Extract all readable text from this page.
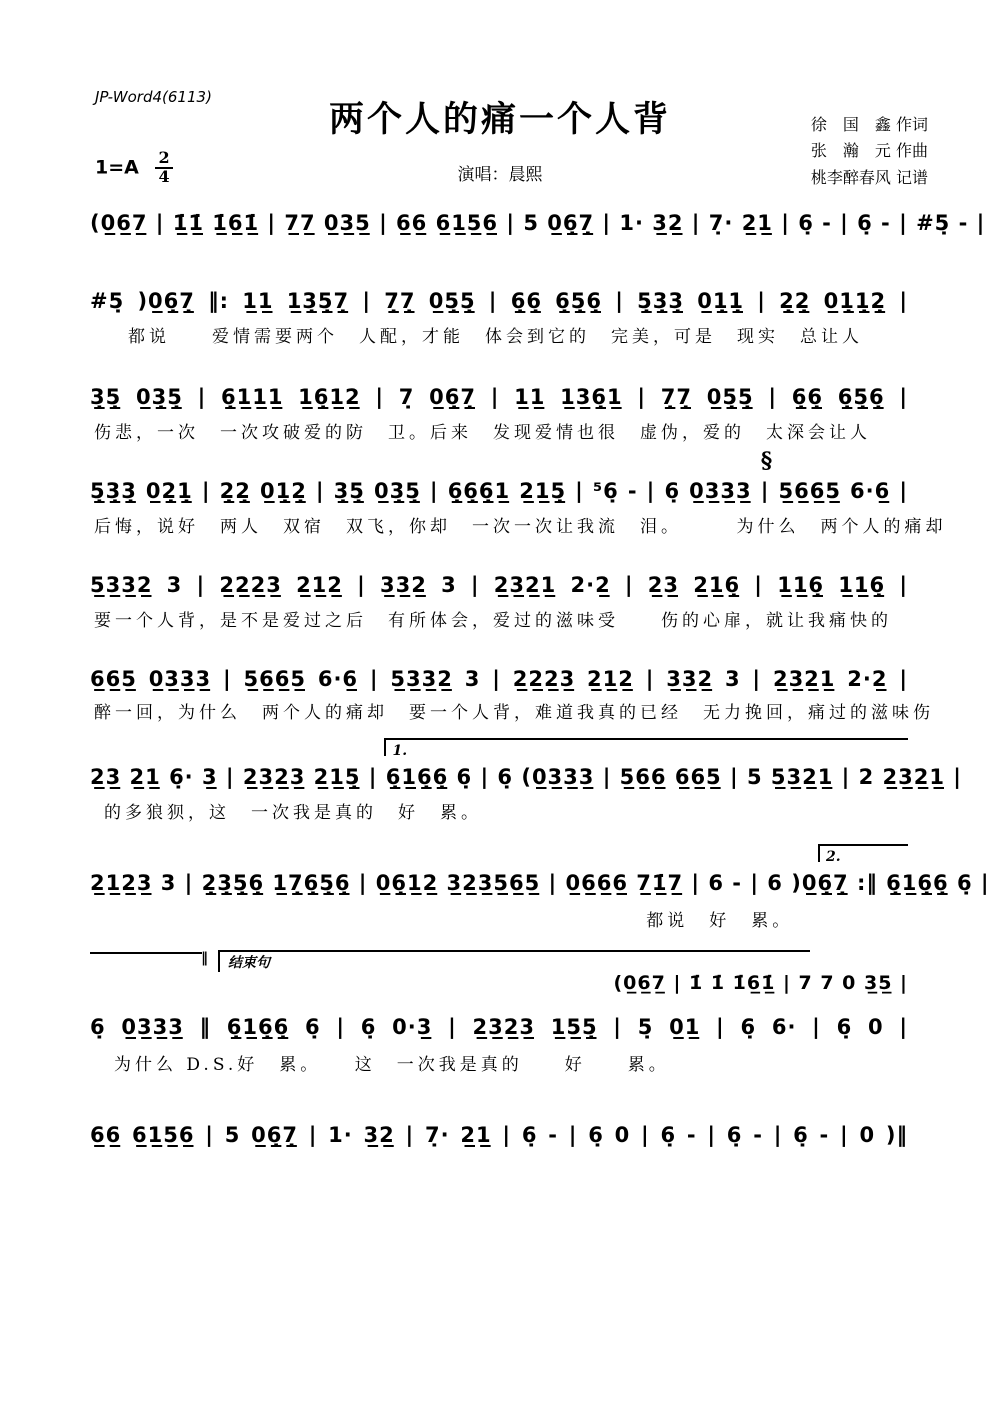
JP-Word4(6113)
两个人的痛一个人背	徐　国　鑫 作词
张　瀚　元 作曲
桃李醉春风 记谱
演唱：晨熙
$1=A \frac{2}{4}$
(0̲6̲7̲ | 1̲̇1̲̇ 1̲̇6̲1̲̇ | 7̲7̲ 0̲3̲5̲ | 6̲6̲ 6̲1̲5̲6̲ | 5 0̲6̲̣7̲̣ | 1· 3̲2̲ | 7̣· 2̲1̲ | 6̣ - | 6̣ - | #5̣ - |
#5̣ )0̲6̲̣7̲̣ ‖: 1̲1̲ 1̲3̲̣5̲̣7̲̣ | 7̲̣7̲̣ 0̲5̲̣5̲̣ | 6̲̣6̲̣ 6̲̣5̲̣6̲̣ | 5̲̣3̲̣3̲̣ 0̲1̲̣1̲̣ | 2̲̣2̲̣ 0̲1̲̣1̲̣2̲̣ |
都说　　爱情需要两个　人配，才能　体会到它的　完美，可是　现实　总让人
3̲̣5̲̣ 0̲3̲̣5̲̣ | 6̲̣1̲1̲1̲ 1̲6̲̣1̲2̲ | 7̣ 0̲6̲̣7̲̣ | 1̲1̲ 1̲3̲6̲̣1̲ | 7̲̣7̲̣ 0̲5̲̣5̲̣ | 6̲̣6̲̣ 6̲̣5̲̣6̲̣ |
伤悲，一次　一次攻破爱的防　卫。后来　发现爱情也很　虚伪，爱的　太深会让人
§
5̲̣3̲̣3̲̣ 0̲2̲̣1̲̣ | 2̲̣2̲̣ 0̲1̲̣2̲̣ | 3̲̣5̲̣ 0̲3̲̣5̲̣ | 6̲̣6̲̣6̲̣1̲ 2̲1̲5̲̣ | ⁵6̣ - | 6̣ 0̲3̲3̲3̲ | 5̲6̲6̲5̲ 6·6̲ |
后悔，说好　两人　双宿　双飞，你却　一次一次让我流　泪。　　　为什么　两个人的痛却
5̲3̲3̲2̲ 3 | 2̲2̲2̲3̲ 2̲1̲2̲ | 3̲3̲2̲ 3 | 2̲3̲2̲1̲ 2·2̲ | 2̲3̲ 2̲1̲6̲̣ | 1̲1̲6̲̣ 1̲1̲6̲̣ |
要一个人背，是不是爱过之后　有所体会，爱过的滋味受　　伤的心扉，就让我痛快的
6̲6̲5̲ 0̲3̲3̲3̲ | 5̲6̲6̲5̲ 6·6̲ | 5̲3̲3̲2̲ 3 | 2̲2̲2̲3̲ 2̲1̲2̲ | 3̲3̲2̲ 3 | 2̲3̲2̲1̲ 2·2̲ |
醉一回，为什么　两个人的痛却　要一个人背，难道我真的已经　无力挽回，痛过的滋味伤
1.
2̲3̲ 2̲1̲ 6̣· 3̲ | 2̲3̲2̲3̲ 2̲1̲5̲̣ | 6̲̣1̲6̲̣6̲̣ 6̣ | 6̣ (0̲3̲3̲3̲ | 5̲6̲6̲ 6̲6̲5̲ | 5 5̲3̲2̲1̲ | 2 2̲3̲2̲1̲ |
的多狼狈，这　一次我是真的　好　累。
2.
2̲1̲2̲3̲ 3 | 2̲̣3̲̣5̲̣6̲̣ 1̲7̲̣6̲̣5̲̣6̲̣ | 0̲6̲̣1̲2̲ 3̲2̲3̲5̲6̲5̲ | 0̲6̲6̲6̲ 7̲1̲̇7̲ | 6 - | 6 )0̲6̲̣7̲̣ :‖ 6̲̣1̲6̲̣6̲̣ 6̣ |
都说　好　累。
‖	结束句
(0̲6̲7̲ | 1̇ 1̇ 1̇6̲1̲̇ | 7 7 0 3̲5̲ |
6̣ 0̲3̲3̲3̲ ‖ 6̲̣1̲6̲̣6̲̣ 6̣ | 6̣ 0·3̲ | 2̲3̲2̲3̲ 1̲5̲5̲̣ | 5̣ 0̲1̲ | 6̣ 6· | 6̣ 0 |
为什么 D.S.好　累。　　这　一次我是真的　　好　　累。
6̲6̲ 6̲1̲5̲6̲ | 5 0̲6̲̣7̲̣ | 1· 3̲2̲ | 7̣· 2̲1̲ | 6̣ - | 6̣ 0 | 6̣ - | 6̣ - | 6̣ - | 0 )‖
